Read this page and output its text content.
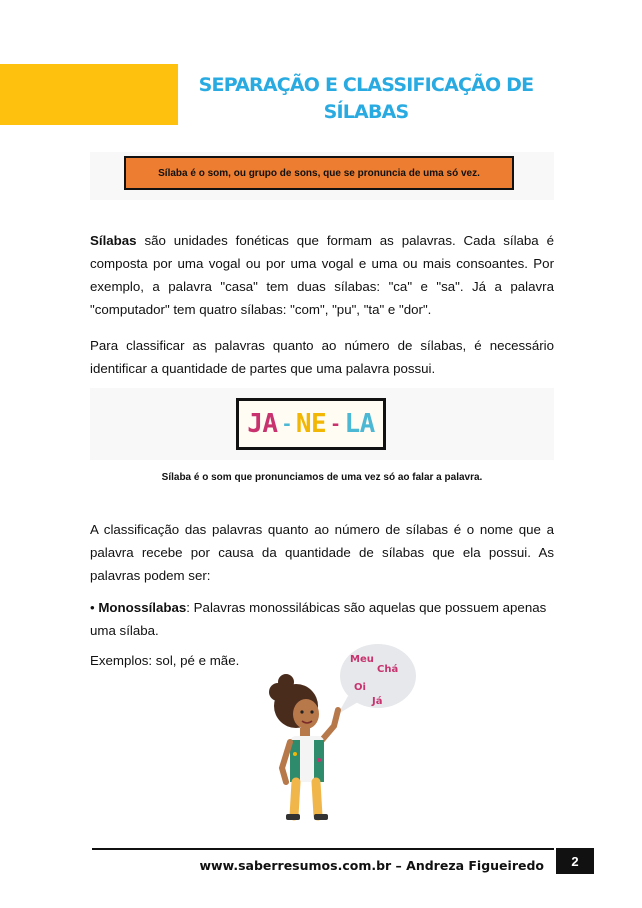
SEPARAÇÃO E CLASSIFICAÇÃO DE
SÍLABAS
Sílaba é o som, ou grupo de sons, que se pronuncia de uma só vez.

Sílabas são unidades fonéticas que formam as palavras. Cada sílaba é composta por uma vogal ou por uma vogal e uma ou mais consoantes. Por exemplo, a palavra "casa" tem duas sílabas: "ca" e "sa". Já a palavra "computador" tem quatro sílabas: "com", "pu", "ta" e "dor".

Para classificar as palavras quanto ao número de sílabas, é necessário identificar a quantidade de partes que uma palavra possui.

JA - NE - LA
Sílaba é o som que pronunciamos de uma vez só ao falar a palavra.

A classificação das palavras quanto ao número de sílabas é o nome que a palavra recebe por causa da quantidade de sílabas que ela possui. As palavras podem ser:

• Monossílabas: Palavras monossilábicas são aquelas que possuem apenas uma sílaba.

Exemplos: sol, pé e mãe.	Meu
Chá
Oi
Já
www.saberresumos.com.br – Andreza Figueiredo	2
